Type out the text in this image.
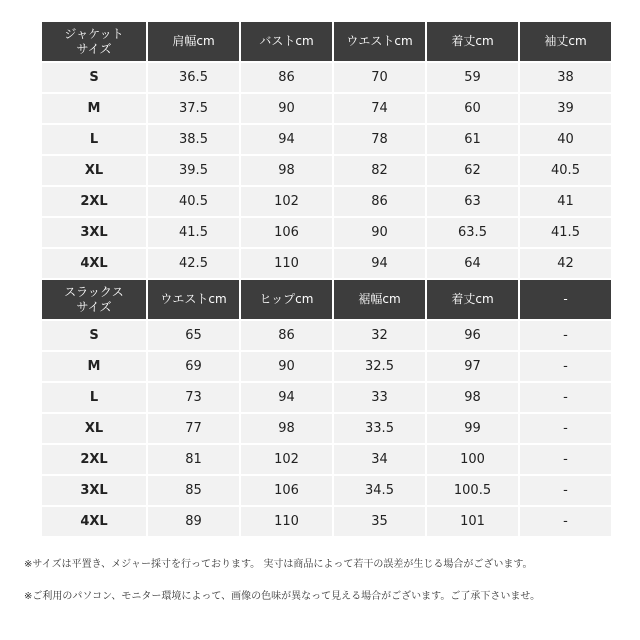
ジャケット
サイズ	肩幅cm	バストcm	ウエストcm	着丈cm	袖丈cm
S	36.5	86	70	59	38
M	37.5	90	74	60	39
L	38.5	94	78	61	40
XL	39.5	98	82	62	40.5
2XL	40.5	102	86	63	41
3XL	41.5	106	90	63.5	41.5
4XL	42.5	110	94	64	42
スラックス
サイズ	ウエストcm	ヒップcm	裾幅cm	着丈cm	-
S	65	86	32	96	-
M	69	90	32.5	97	-
L	73	94	33	98	-
XL	77	98	33.5	99	-
2XL	81	102	34	100	-
3XL	85	106	34.5	100.5	-
4XL	89	110	35	101	-
※サイズは平置き、メジャー採寸を行っております。 実寸は商品によって若干の誤差が生じる場合がございます。
※ご利用のパソコン、モニター環境によって、画像の色味が異なって見える場合がございます。ご了承下さいませ。
